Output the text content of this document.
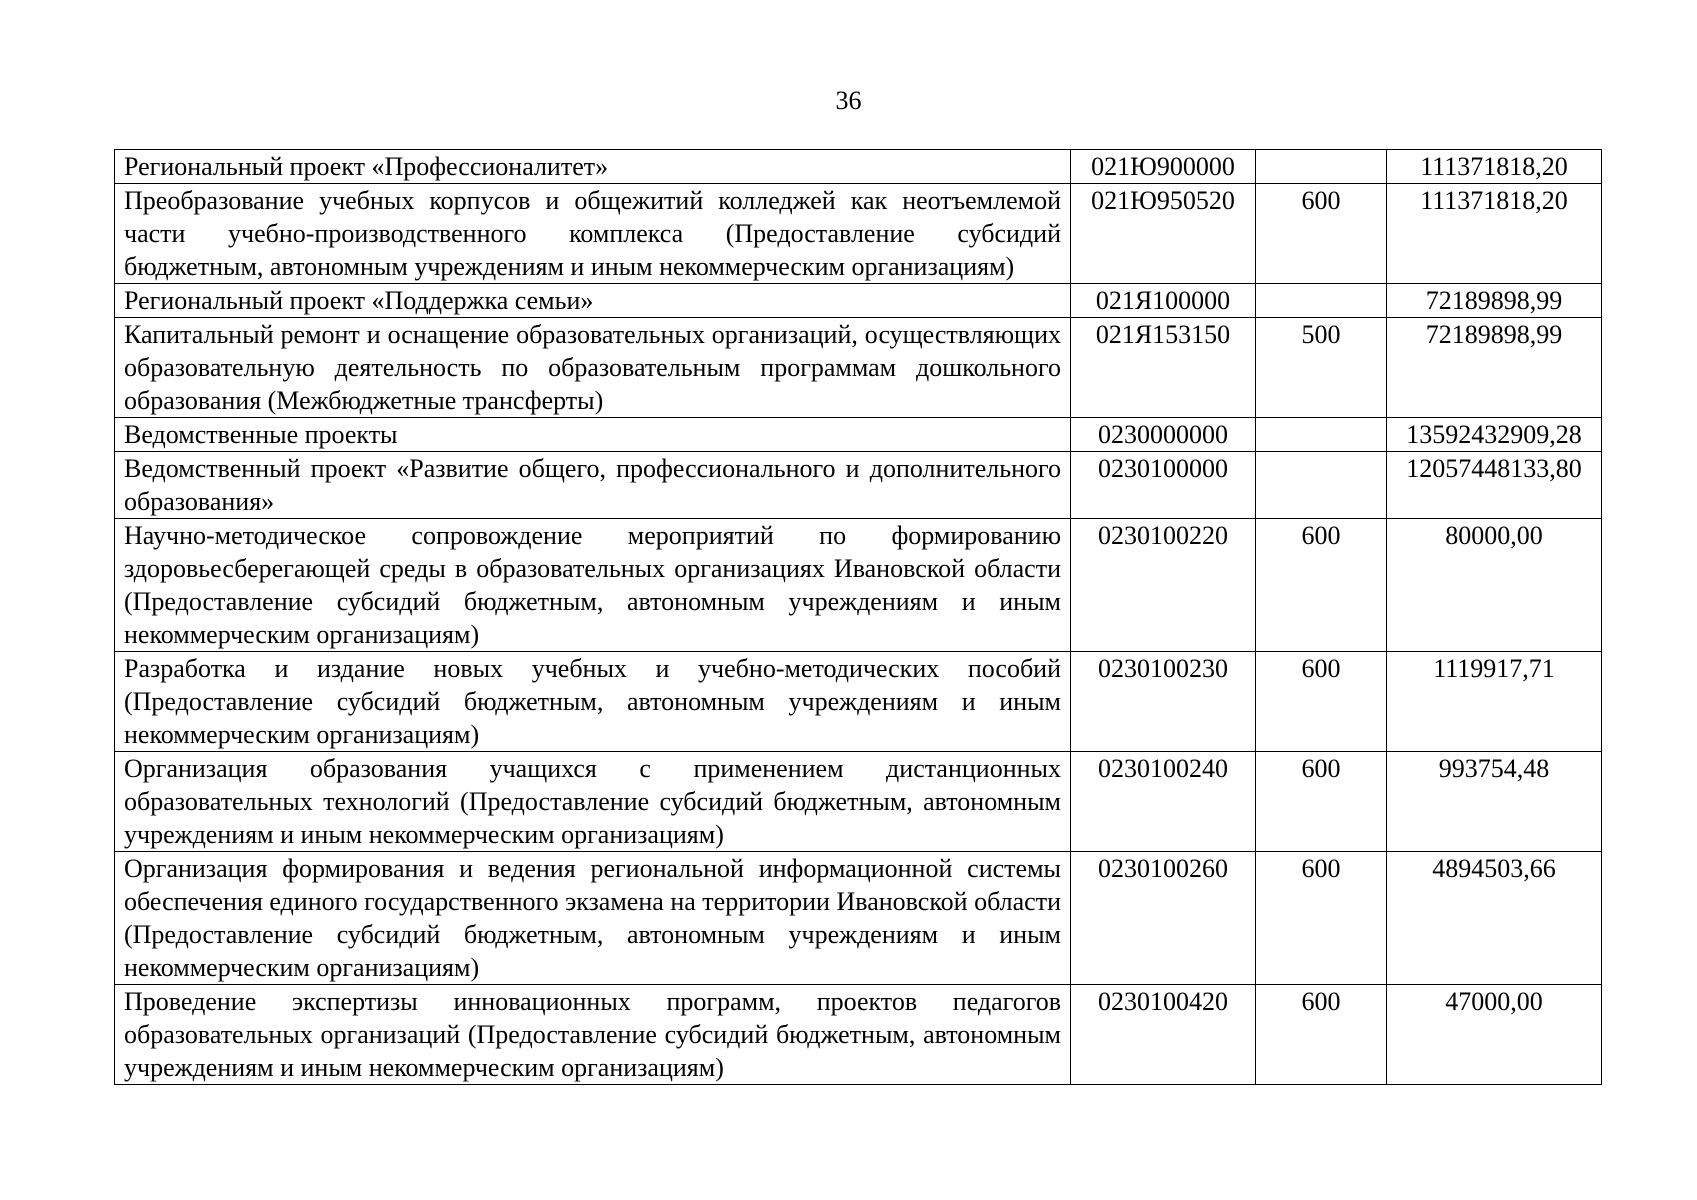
36
Региональный проект «Профессионалитет»	021Ю900000		111371818,20
Преобразование учебных корпусов и общежитий колледжей как неотъемлемой части учебно-производственного комплекса (Предоставление субсидий бюджетным, автономным учреждениям и иным некоммерческим организациям)	021Ю950520	600	111371818,20
Региональный проект «Поддержка семьи»	021Я100000		72189898,99
Капитальный ремонт и оснащение образовательных организаций, осуществляющих образовательную деятельность по образовательным программам дошкольного образования (Межбюджетные трансферты)	021Я153150	500	72189898,99
Ведомственные проекты	0230000000		13592432909,28
Ведомственный проект «Развитие общего, профессионального и дополнительного образования»	0230100000		12057448133,80
Научно-методическое сопровождение мероприятий по формированию здоровьесберегающей среды в образовательных организациях Ивановской области (Предоставление субсидий бюджетным, автономным учреждениям и иным некоммерческим организациям)	0230100220	600	80000,00
Разработка и издание новых учебных и учебно-методических пособий (Предоставление субсидий бюджетным, автономным учреждениям и иным некоммерческим организациям)	0230100230	600	1119917,71
Организация образования учащихся с применением дистанционных образовательных технологий (Предоставление субсидий бюджетным, автономным учреждениям и иным некоммерческим организациям)	0230100240	600	993754,48
Организация формирования и ведения региональной информационной системы обеспечения единого государственного экзамена на территории Ивановской области (Предоставление субсидий бюджетным, автономным учреждениям и иным некоммерческим организациям)	0230100260	600	4894503,66
Проведение экспертизы инновационных программ, проектов педагогов образовательных организаций (Предоставление субсидий бюджетным, автономным учреждениям и иным некоммерческим организациям)	0230100420	600	47000,00
